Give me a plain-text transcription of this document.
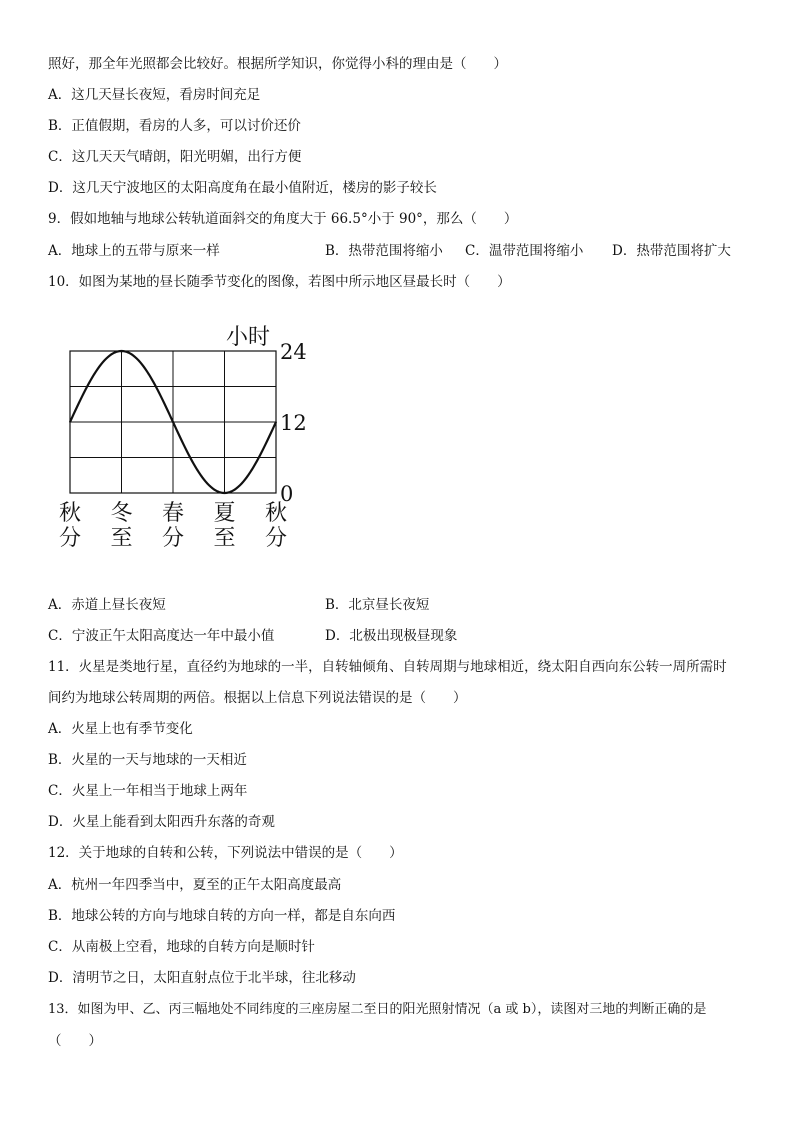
照好，那全年光照都会比较好。根据所学知识，你觉得小科的理由是（　　）
A．这几天昼长夜短，看房时间充足
B．正值假期，看房的人多，可以讨价还价
C．这几天天气晴朗，阳光明媚，出行方便
D．这几天宁波地区的太阳高度角在最小值附近，楼房的影子较长
9．假如地轴与地球公转轨道面斜交的角度大于 66.5°小于 90°，那么（　　）
A．地球上的五带与原来一样	B．热带范围将缩小 C．温带范围将缩小 D．热带范围将扩大
10．如图为某地的昼长随季节变化的图像，若图中所示地区昼最长时（　　）
小时
24
12
0
秋
分
冬
至
春
分
夏
至
秋
分
A．赤道上昼长夜短	B．北京昼长夜短
C．宁波正午太阳高度达一年中最小值	D．北极出现极昼现象
11．火星是类地行星，直径约为地球的一半，自转轴倾角、自转周期与地球相近，绕太阳自西向东公转一周所需时
间约为地球公转周期的两倍。根据以上信息下列说法错误的是（　　）
A．火星上也有季节变化
B．火星的一天与地球的一天相近
C．火星上一年相当于地球上两年
D．火星上能看到太阳西升东落的奇观
12．关于地球的自转和公转，下列说法中错误的是（　　）
A．杭州一年四季当中，夏至的正午太阳高度最高
B．地球公转的方向与地球自转的方向一样，都是自东向西
C．从南极上空看，地球的自转方向是顺时针
D．清明节之日，太阳直射点位于北半球，往北移动
13．如图为甲、乙、丙三幅地处不同纬度的三座房屋二至日的阳光照射情况（a 或 b），读图对三地的判断正确的是
（　　）
